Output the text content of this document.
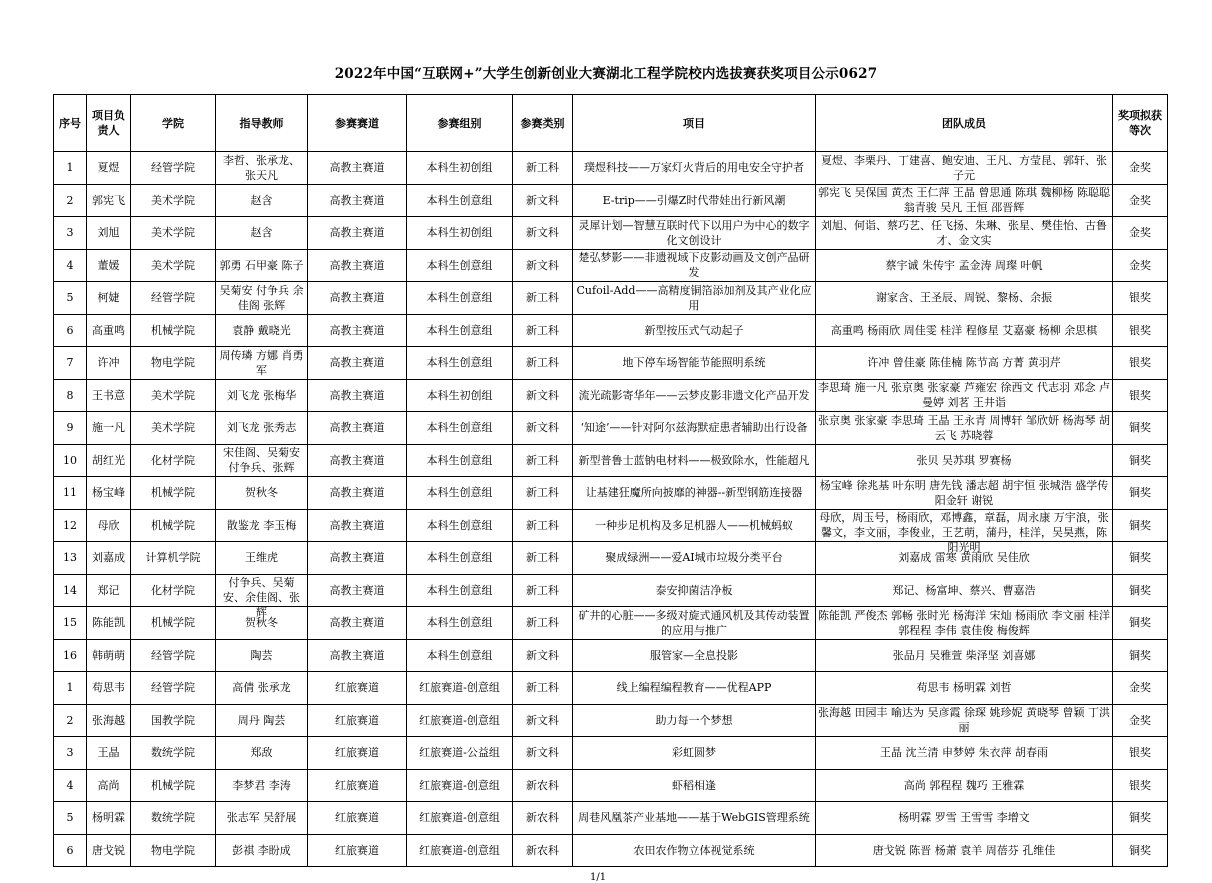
2022年中国“互联网+”大学生创新创业大赛湖北工程学院校内选拔赛获奖项目公示0627
序号	项目负责人	学院	指导教师	参赛赛道	参赛组别	参赛类别	项目	团队成员	奖项拟获等次

1	夏煜	经管学院	李哲、张承龙、张天凡	高教主赛道	本科生初创组	新工科	璞煜科技——万家灯火背后的用电安全守护者	夏煜、李栗丹、丁建喜、鲍安迪、王凡、方莹昆、郭轩、张子元	金奖

2	郭宪飞	美术学院	赵含	高教主赛道	本科生创意组	新文科	E-trip——引爆Z时代带娃出行新风潮	郭宪飞 吴保国 黄杰 王仁萍 王晶 曾思通 陈琪 魏柳杨 陈聪聪 翁青骏 吴凡 王恒 邵晋辉	金奖

3	刘旭	美术学院	赵含	高教主赛道	本科生初创组	新文科	灵犀计划—智慧互联时代下以用户为中心的数字化文创设计	刘旭、何诣、蔡巧艺、任飞扬、朱琳、张星、樊佳怡、古鲁才、金文实	金奖

4	董媛	美术学院	郭勇 石甲豪 陈子	高教主赛道	本科生创意组	新文科	楚弘梦影——非遗视域下皮影动画及文创产品研发	蔡宇诚 朱传宇 孟金涛 周璨 叶帆	金奖

5	柯婕	经管学院	吴菊安 付争兵 余佳阁 张辉	高教主赛道	本科生创意组	新工科	Cufoil-Add——高精度铜箔添加剂及其产业化应用	谢家含、王圣辰、周锐、黎杨、余振	银奖

6	高重鸣	机械学院	袁静 戴晓光	高教主赛道	本科生创意组	新工科	新型按压式气动起子	高重鸣 杨雨欣 周佳雯 桂洋 程修星 艾嘉豪 杨柳 余思棋	银奖

7	许冲	物电学院	周传璘 方娜 肖勇军	高教主赛道	本科生创意组	新工科	地下停车场智能节能照明系统	许冲 曾佳豪 陈佳楠 陈节高 方菁 黄羽芹	银奖

8	王书意	美术学院	刘飞龙 张梅华	高教主赛道	本科生初创组	新文科	流光疏影寄华年——云梦皮影非遗文化产品开发	李思琦 施一凡 张京奥 张家豪 芦雍宏 徐西文 代志羽 邓念 卢曼婷 刘茗 王井诣	银奖

9	施一凡	美术学院	刘飞龙 张秀志	高教主赛道	本科生创意组	新文科	‘知途’——针对阿尔兹海默症患者辅助出行设备	张京奥 张家豪 李思琦 王晶 王永青 周博轩 邹欣妍 杨海琴 胡云飞 苏晓蓉	铜奖

10	胡红光	化材学院	宋佳阁、吴菊安 付争兵、张辉	高教主赛道	本科生创意组	新工科	新型普鲁士蓝钠电材料——极致除水，性能超凡	张贝 吴苏琪 罗赛杨	铜奖

11	杨宝峰	机械学院	贺秋冬	高教主赛道	本科生创意组	新工科	让基建狂魔所向披靡的神器--新型钢筋连接器	杨宝峰 徐兆基 叶东明 唐先钱 潘志超 胡宇恒 张城浩 盛学传 阳金轩 谢锐	铜奖

12	母欣	机械学院	散鉴龙 李玉梅	高教主赛道	本科生创意组	新工科	一种步足机构及多足机器人——机械蚂蚁	母欣，周玉号，杨雨欣，邓博鑫，章磊，周永康 万宇浪，张馨文，李文丽，李俊业，王艺萌，蒲丹，桂洋，吴昊燕，陈阳光明	铜奖

13	刘嘉成	计算机学院	王维虎	高教主赛道	本科生创意组	新工科	聚成绿洲——爱AI城市垃圾分类平台	刘嘉成 雷寒 黄雨欣 吴佳欣	铜奖

14	郑记	化材学院	付争兵、吴菊安、余佳阁、张辉	高教主赛道	本科生创意组	新工科	泰安抑菌洁净板	郑记、杨富坤、蔡兴、曹嘉浩	铜奖

15	陈能凯	机械学院	贺秋冬	高教主赛道	本科生创意组	新工科	矿井的心脏——多级对旋式通风机及其传动装置的应用与推广	陈能凯 严俊杰 郭畅 张时光 杨海洋 宋灿 杨雨欣 李文丽 桂洋 郭程程 李伟 袁佳俊 梅俊辉	铜奖

16	韩萌萌	经管学院	陶芸	高教主赛道	本科生创意组	新文科	服管家—全息投影	张品月 吴雅萱 柴泽坚 刘喜娜	铜奖

1	苟思韦	经管学院	高倩 张承龙	红旅赛道	红旅赛道-创意组	新工科	线上编程编程教育——优程APP	苟思韦 杨明霖 刘哲	金奖

2	张海越	国教学院	周丹 陶芸	红旅赛道	红旅赛道-创意组	新文科	助力每一个梦想	张海越 田园丰 喻达为 吴彦霞 徐琛 姚珍妮 黄晓琴 曾颖 丁洪丽	金奖

3	王晶	数统学院	郑敌	红旅赛道	红旅赛道-公益组	新文科	彩虹圆梦	王晶 沈兰清 申梦婷 朱衣萍 胡春雨	银奖

4	高尚	机械学院	李梦君 李涛	红旅赛道	红旅赛道-创意组	新农科	虾稻相逢	高尚 郭程程 魏巧 王雅霖	银奖

5	杨明霖	数统学院	张志军 吴舒展	红旅赛道	红旅赛道-创意组	新农科	周巷风凰茶产业基地——基于WebGIS管理系统	杨明霖 罗雪 王雪雪 李增文	铜奖

6	唐戈锐	物电学院	彭祺 李盼成	红旅赛道	红旅赛道-创意组	新农科	农田农作物立体视觉系统	唐戈锐 陈晋 杨萧 袁羊 周蓓芬 孔维佳	铜奖
1/1
